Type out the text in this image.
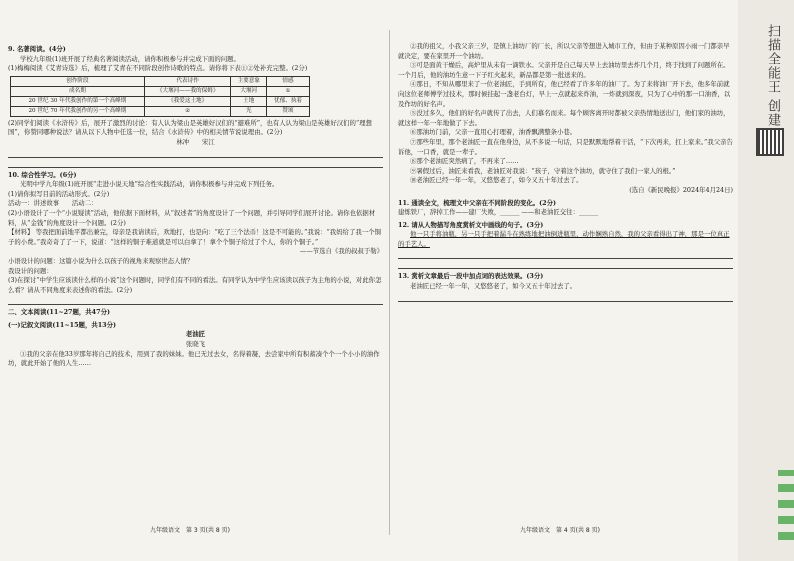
9. 名著阅读。(4分)

学校九年级(1)班开展了经典名著阅读活动，请你积极参与并完成下面的问题。

(1)梅梅阅读《艾青诗选》后，梳理了艾青在不同阶段创作诗歌的特点。请你将下表①②处补充完整。(2分)

创作阶段	代表诗作	主要意象	情感
成名期	《大堰河——我的保姆》	大堰河	①
20 世纪 30 年代我创作的第一个高峰期	《我爱这土地》	土地	忧郁、执着
20 世纪 70 年代我创作的另一个高峰期	②	光	赞颂

(2)同学们阅读《水浒传》后，展开了激烈的讨论：有人认为梁山是英雄好汉们的“避难所”，也有人认为梁山是英雄好汉们的“理想国”，你赞同哪种说法？请从以下人物中任选一位，结合《水浒传》中的相关情节说说理由。(2分)

林冲　　宋江

10. 综合性学习。(6分)

光明中学九年级(1)班开展“走进小说天地”综合性实践活动，请你积极参与并完成下列任务。

(1)请你拟写目前的活动形式。(2分)

活动一：讲述故事　　活动二：

(2)小语设计了一个“小说疑读”活动，他依据下面材料，从“叙述者”的角度设计了一个问题，并引导同学们展开讨论。请你也依据材料，从“金钱”的角度设计一个问题。(2分)

【材料】 等我把面前地平都出兼完，母亲是我请读后，欢地打，也是向：“吃了三个法币！这是不可能的。”我说：“我妈给了我一个铜子的小费。”我奇奇了了一下，说道：“这样的铜子难道就是可以白拿了！拿个个铜子给过了个人，你的个铜子。”

——节选自《我的叔叔于勒》

小语设计的问题：这篇小说为什么以孩子的视角来观察世态人情？

我设计的问题：

(3)在探讨“中学生应该读什么样的小说”这个问题时，同学们有不同的看法。有同学认为中学生应该读以孩子为主角的小说，对此你怎么看？请从不同角度来表述你的看法。(2分)

二、文本阅读(11~27题，共47分)

(一)记叙文阅读(11~15题，共13分)

老油匠

张晓飞

①我的父亲在他33岁那年将自己的技术，用到了我的妹妹。他已无过去女，名得着凝，去尝家中所有积蓄凑个个一个小小的油作坊，就此开始了他的人生……

②我的祖父，小我父亲三岁，是镇上油坊厂的厂长，所以父亲等想进入城市工作，但由于某种原因小雨一门都亲早就决定，要在家里开一个油坊。

③可是面黄干燥后，高炉里从未有一滴铁水。父亲开是自己每天早上去油坊里去炸几个月，终于找到了问题所在。一个月后，他的油坊生意一下子红火起来，新品都是第一批送来的。

④那日，不知从哪里来了一位老油匠，手到所有，他已经看了许多年的油厂了。为了来将油厂开下去，他多年前就向这位老师傅学过技术，那时候挂起一盏老台灯，早上一点就起来炸油，一炸就到深夜，只为了心中的那一口油香，以及作坊的好名声。

⑤没过多久，他们的好名声就传了出去，人们慕名而来。每个顾客离开时都被父亲热情地送出门，他们家的油坊，就这样一年一年地做了下去。

⑥那油坊门前，父亲一直用心打理着，油香飘满整条小巷。

⑦那些年里，那个老油匠一直在他身边，从不多说一句话，只是默默地帮着干活，“下次再来，扛上家来。”我父亲告诉他，一口香，就是一辈子。

⑧那个老油匠突然病了，不再来了……

⑨暑假过后，油匠来看我，老油匠对我说：“孩子，守着这个油坊，就守住了我们一家人的根。”

⑩老油匠已经一年一年，又悠悠老了，如今又五十年过去了。

(选自《新民晚报》2024年4月24日)

11. 通读全文，梳理文中父亲在不同阶段的变化。(2分)

建炼铁厂，辞掉工作——建厂失败，______ ——和老油匠交往：______

12. 请从人物描写角度赏析文中画线的句子。(3分)

他一只手将油瓶，另一只手把着漏斗在熟练地把油倒进瓶里，动作娴熟自然，我的父亲看得出了神，那是一位真正的手艺人。

13. 赏析文章最后一段中加点词的表达效果。(3分)

老油匠已经一年一年，又悠悠老了，如今又五十年过去了。

九年级语文　第 3 页(共 8 页)	九年级语文　第 4 页(共 8 页)
扫描全能王 创建
